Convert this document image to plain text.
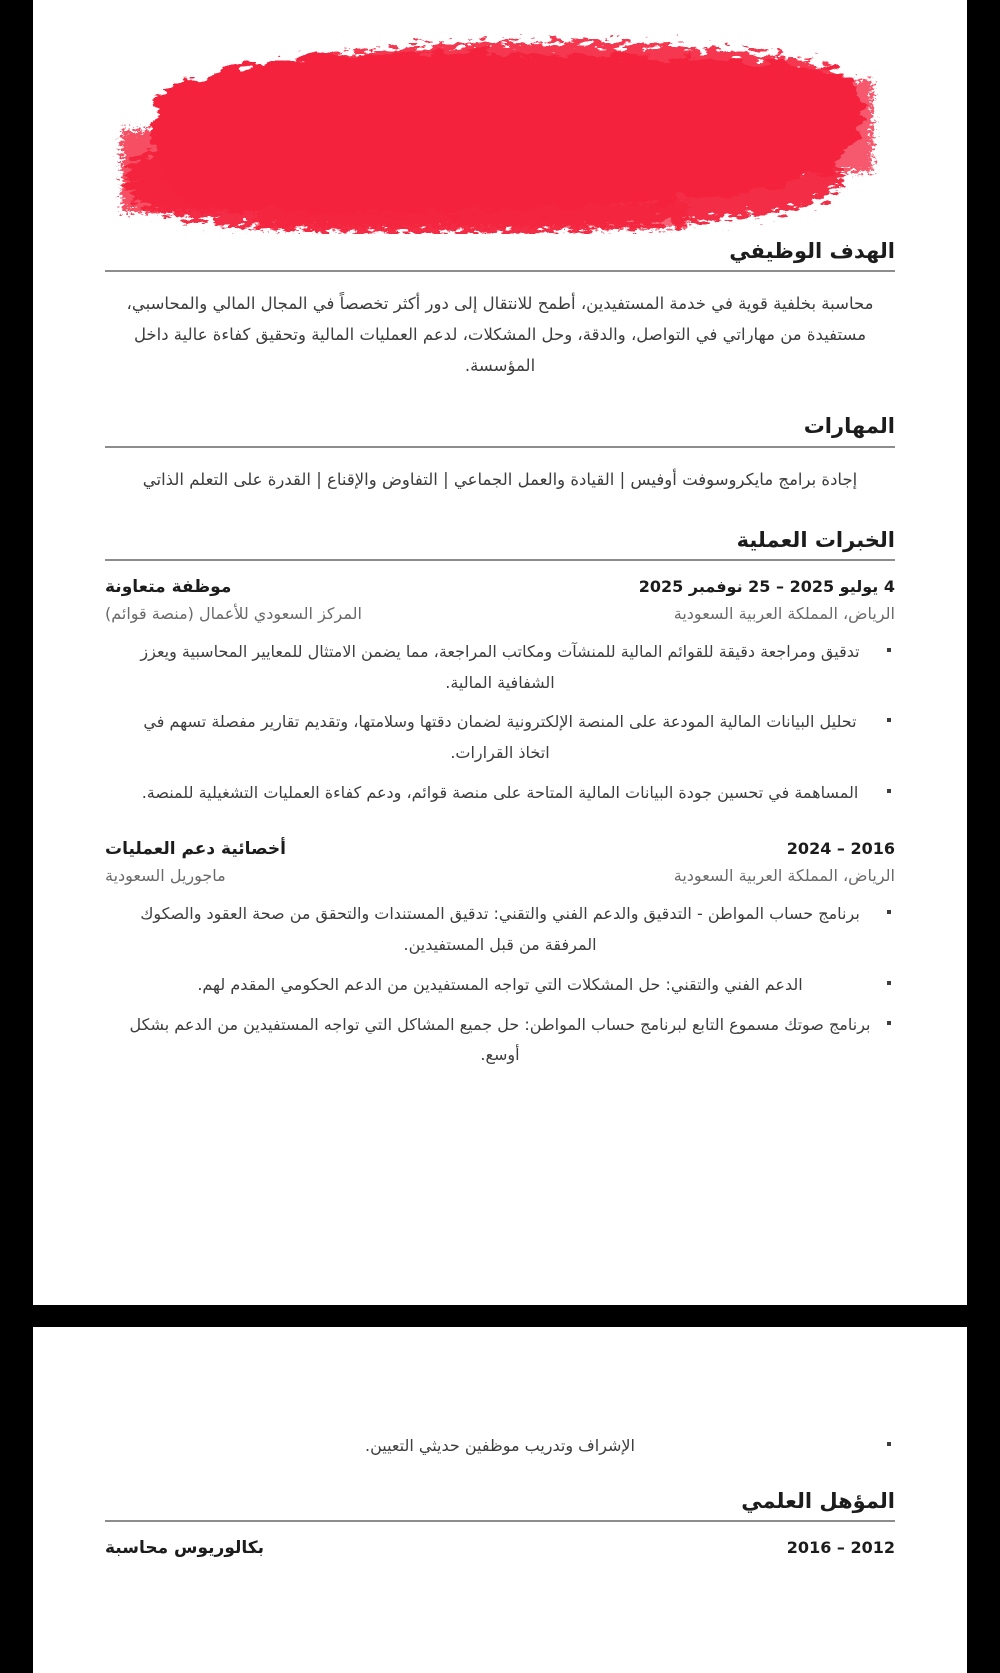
الهدف الوظيفي

محاسبة بخلفية قوية في خدمة المستفيدين، أطمح للانتقال إلى دور أكثر تخصصاً في المجال المالي والمحاسبي، مستفيدة من مهاراتي في التواصل، والدقة، وحل المشكلات، لدعم العمليات المالية وتحقيق كفاءة عالية داخل المؤسسة.

المهارات

إجادة برامج مايكروسوفت أوفيس | القيادة والعمل الجماعي | التفاوض والإقناع | القدرة على التعلم الذاتي

الخبرات العملية
موظفة متعاونة	4 يوليو 2025 – 25 نوفمبر 2025
المركز السعودي للأعمال (منصة قوائم)	الرياض، المملكة العربية السعودية
تدقيق ومراجعة دقيقة للقوائم المالية للمنشآت ومكاتب المراجعة، مما يضمن الامتثال للمعايير المحاسبية ويعزز الشفافية المالية.
تحليل البيانات المالية المودعة على المنصة الإلكترونية لضمان دقتها وسلامتها، وتقديم تقارير مفصلة تسهم في اتخاذ القرارات.
المساهمة في تحسين جودة البيانات المالية المتاحة على منصة قوائم، ودعم كفاءة العمليات التشغيلية للمنصة.
أخصائية دعم العمليات	2016 – 2024
ماجوريل السعودية	الرياض، المملكة العربية السعودية
برنامج حساب المواطن - التدقيق والدعم الفني والتقني: تدقيق المستندات والتحقق من صحة العقود والصكوك المرفقة من قبل المستفيدين.
الدعم الفني والتقني: حل المشكلات التي تواجه المستفيدين من الدعم الحكومي المقدم لهم.
برنامج صوتك مسموع التابع لبرنامج حساب المواطن: حل جميع المشاكل التي تواجه المستفيدين من الدعم بشكل أوسع.
الإشراف وتدريب موظفين حديثي التعيين.
المؤهل العلمي
بكالوريوس محاسبة	2012 – 2016
